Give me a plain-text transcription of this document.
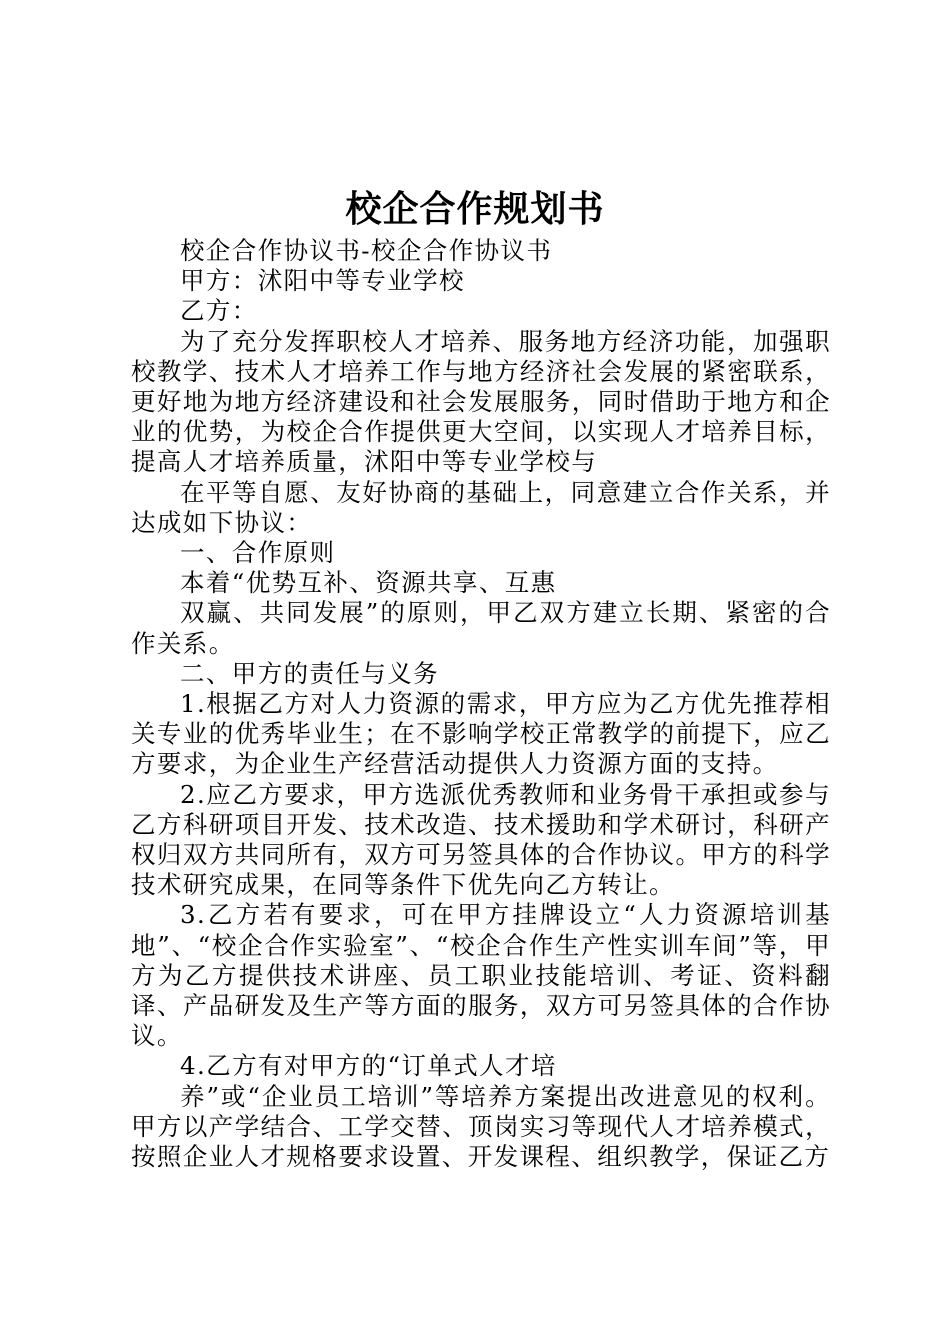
校企合作规划书

校企合作协议书-校企合作协议书

甲方：沭阳中等专业学校

乙方：

为了充分发挥职校人才培养、服务地方经济功能，加强职校教学、技术人才培养工作与地方经济社会发展的紧密联系，更好地为地方经济建设和社会发展服务，同时借助于地方和企业的优势，为校企合作提供更大空间，以实现人才培养目标，提高人才培养质量，沭阳中等专业学校与

在平等自愿、友好协商的基础上，同意建立合作关系，并达成如下协议：

一、合作原则

本着“优势互补、资源共享、互惠

双赢、共同发展”的原则，甲乙双方建立长期、紧密的合作关系。

二、甲方的责任与义务

1.根据乙方对人力资源的需求，甲方应为乙方优先推荐相关专业的优秀毕业生；在不影响学校正常教学的前提下，应乙方要求，为企业生产经营活动提供人力资源方面的支持。

2.应乙方要求，甲方选派优秀教师和业务骨干承担或参与乙方科研项目开发、技术改造、技术援助和学术研讨，科研产权归双方共同所有，双方可另签具体的合作协议。甲方的科学技术研究成果，在同等条件下优先向乙方转让。

3.乙方若有要求，可在甲方挂牌设立“人力资源培训基地”、“校企合作实验室”、“校企合作生产性实训车间”等，甲方为乙方提供技术讲座、员工职业技能培训、考证、资料翻译、产品研发及生产等方面的服务，双方可另签具体的合作协议。

4.乙方有对甲方的“订单式人才培

养”或“企业员工培训”等培养方案提出改进意见的权利。甲方以产学结合、工学交替、顶岗实习等现代人才培养模式，按照企业人才规格要求设置、开发课程、组织教学，保证乙方
